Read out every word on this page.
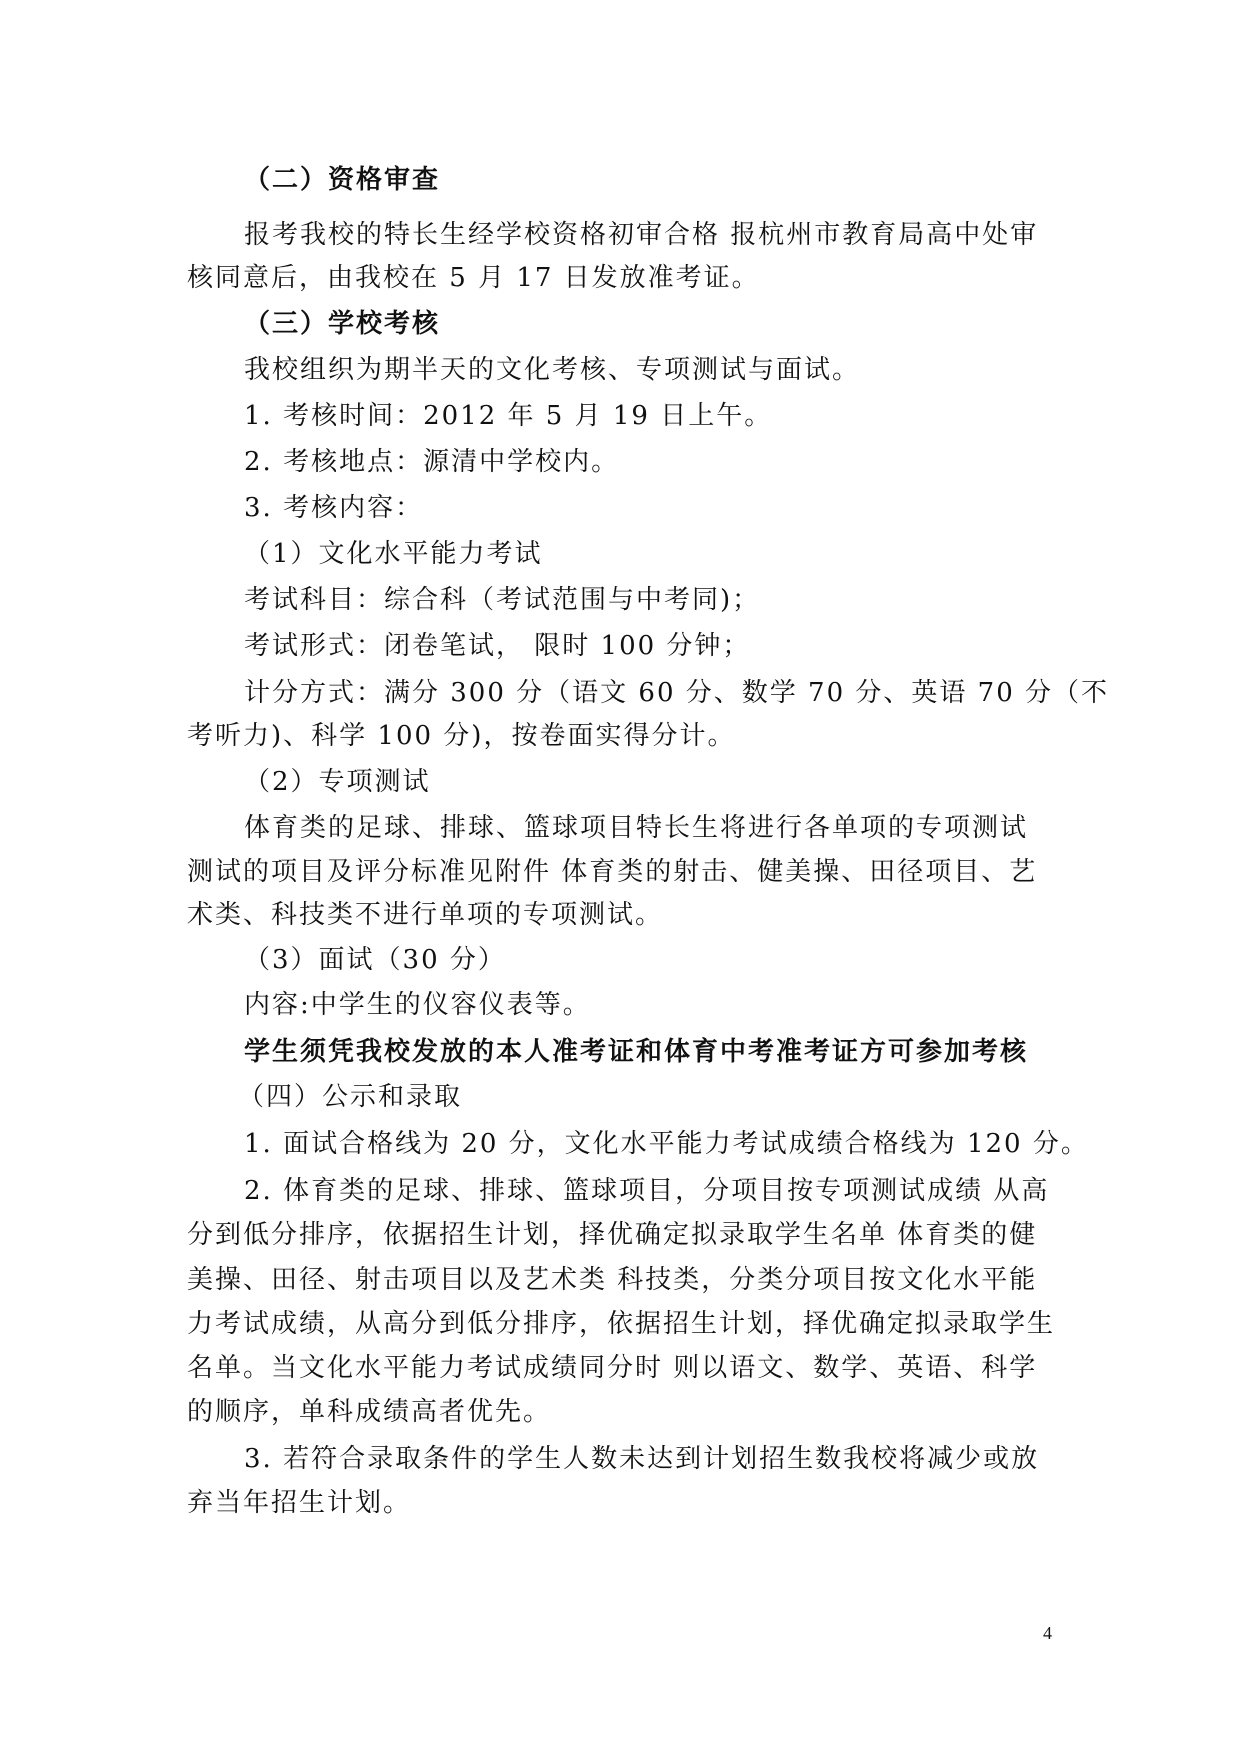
（二）资格审查
报考我校的特长生经学校资格初审合格 报杭州市教育局高中处审
核同意后，由我校在 5 月 17 日发放准考证。
（三）学校考核
我校组织为期半天的文化考核、专项测试与面试。
1. 考核时间：2012 年 5 月 19 日上午。
2. 考核地点：源清中学校内。
3. 考核内容：
（1）文化水平能力考试
考试科目：综合科（考试范围与中考同)；
考试形式：闭卷笔试， 限时 100 分钟；
计分方式：满分 300 分（语文 60 分、数学 70 分、英语 70 分（不
考听力)、科学 100 分)，按卷面实得分计。
（2）专项测试
体育类的足球、排球、篮球项目特长生将进行各单项的专项测试
测试的项目及评分标准见附件 体育类的射击、健美操、田径项目、艺
术类、科技类不进行单项的专项测试。
（3）面试（30 分）
内容:中学生的仪容仪表等。
学生须凭我校发放的本人准考证和体育中考准考证方可参加考核
（四）公示和录取
1. 面试合格线为 20 分，文化水平能力考试成绩合格线为 120 分。
2. 体育类的足球、排球、篮球项目，分项目按专项测试成绩 从高
分到低分排序，依据招生计划，择优确定拟录取学生名单 体育类的健
美操、田径、射击项目以及艺术类 科技类，分类分项目按文化水平能
力考试成绩，从高分到低分排序，依据招生计划，择优确定拟录取学生
名单。当文化水平能力考试成绩同分时 则以语文、数学、英语、科学
的顺序，单科成绩高者优先。
3. 若符合录取条件的学生人数未达到计划招生数我校将减少或放
弃当年招生计划。
4
